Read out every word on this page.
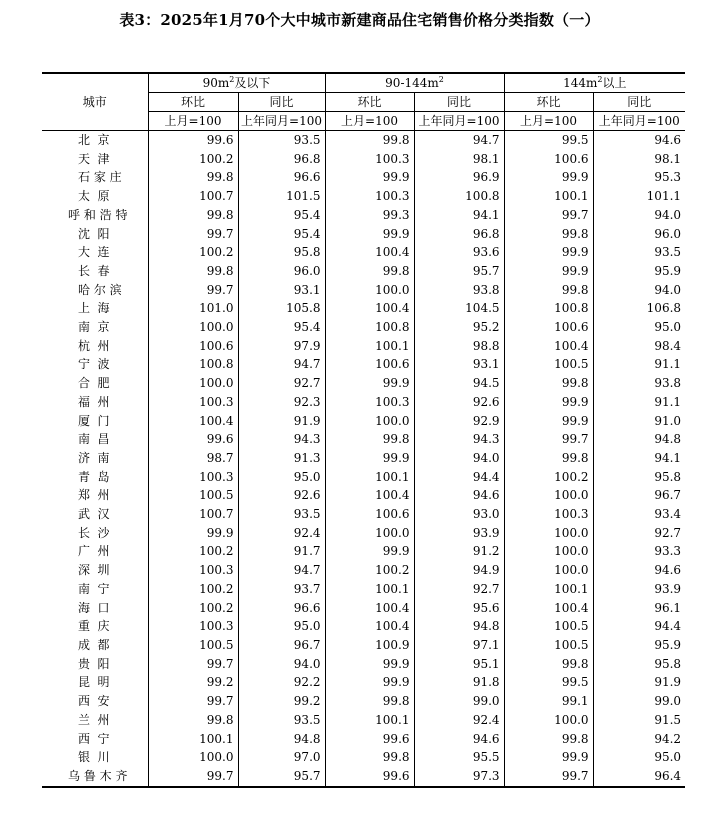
表3：2025年1月70个大中城市新建商品住宅销售价格分类指数（一）
城市	$90m^2$及以下		$90-144m^2$		$144m^2$以上	
	环比	同比	环比	同比	环比	同比
	上月=100	上年同月=100	上月=100	上年同月=100	上月=100	上年同月=100
北 京	99.6	93.5	99.8	94.7	99.5	94.6
天 津	100.2	96.8	100.3	98.1	100.6	98.1
石 家 庄	99.8	96.6	99.9	96.9	99.9	95.3
太 原	100.7	101.5	100.3	100.8	100.1	101.1
呼 和 浩 特	99.8	95.4	99.3	94.1	99.7	94.0
沈 阳	99.7	95.4	99.9	96.8	99.8	96.0
大 连	100.2	95.8	100.4	93.6	99.9	93.5
长 春	99.8	96.0	99.8	95.7	99.9	95.9
哈 尔 滨	99.7	93.1	100.0	93.8	99.8	94.0
上 海	101.0	105.8	100.4	104.5	100.8	106.8
南 京	100.0	95.4	100.8	95.2	100.6	95.0
杭 州	100.6	97.9	100.1	98.8	100.4	98.4
宁 波	100.8	94.7	100.6	93.1	100.5	91.1
合 肥	100.0	92.7	99.9	94.5	99.8	93.8
福 州	100.3	92.3	100.3	92.6	99.9	91.1
厦 门	100.4	91.9	100.0	92.9	99.9	91.0
南 昌	99.6	94.3	99.8	94.3	99.7	94.8
济 南	98.7	91.3	99.9	94.0	99.8	94.1
青 岛	100.3	95.0	100.1	94.4	100.2	95.8
郑 州	100.5	92.6	100.4	94.6	100.0	96.7
武 汉	100.7	93.5	100.6	93.0	100.3	93.4
长 沙	99.9	92.4	100.0	93.9	100.0	92.7
广 州	100.2	91.7	99.9	91.2	100.0	93.3
深 圳	100.3	94.7	100.2	94.9	100.0	94.6
南 宁	100.2	93.7	100.1	92.7	100.1	93.9
海 口	100.2	96.6	100.4	95.6	100.4	96.1
重 庆	100.3	95.0	100.4	94.8	100.5	94.4
成 都	100.5	96.7	100.9	97.1	100.5	95.9
贵 阳	99.7	94.0	99.9	95.1	99.8	95.8
昆 明	99.2	92.2	99.9	91.8	99.5	91.9
西 安	99.7	99.2	99.8	99.0	99.1	99.0
兰 州	99.8	93.5	100.1	92.4	100.0	91.5
西 宁	100.1	94.8	99.6	94.6	99.8	94.2
银 川	100.0	97.0	99.8	95.5	99.9	95.0
乌 鲁 木 齐	99.7	95.7	99.6	97.3	99.7	96.4
